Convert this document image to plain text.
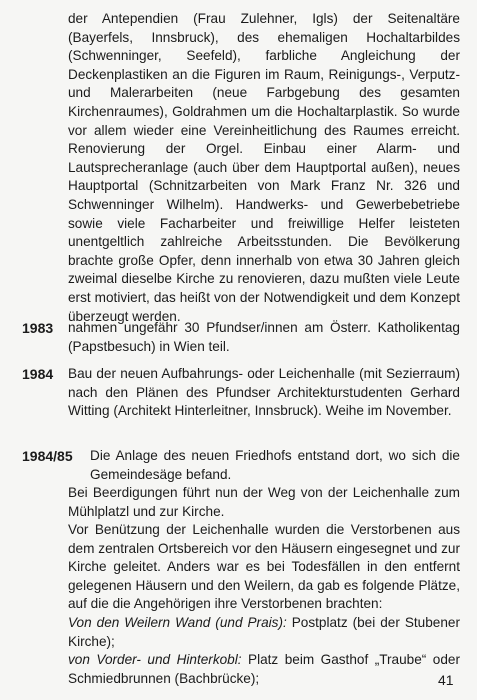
der Antependien (Frau Zulehner, Igls) der Seitenaltäre (Bayerfels, Innsbruck), des ehemaligen Hochaltarbildes (Schwenninger, Seefeld), farbliche Angleichung der Deckenplastiken an die Figuren im Raum, Reinigungs-, Verputz- und Malerarbeiten (neue Farbgebung des gesamten Kirchenraumes), Goldrahmen um die Hochaltarplastik. So wurde vor allem wieder eine Vereinheitlichung des Raumes erreicht. Renovierung der Orgel. Einbau einer Alarm- und Lautsprecheranlage (auch über dem Hauptportal außen), neues Hauptportal (Schnitzarbeiten von Mark Franz Nr. 326 und Schwenninger Wilhelm). Handwerks- und Gewerbebetriebe sowie viele Facharbeiter und freiwillige Helfer leisteten unentgeltlich zahlreiche Arbeitsstunden. Die Bevölkerung brachte große Opfer, denn innerhalb von etwa 30 Jahren gleich zweimal dieselbe Kirche zu renovieren, dazu mußten viele Leute erst motiviert, das heißt von der Notwendigkeit und dem Konzept überzeugt werden.

1983 nahmen ungefähr 30 Pfundser/innen am Österr. Katholikentag (Papstbesuch) in Wien teil.

1984 Bau der neuen Aufbahrungs- oder Leichenhalle (mit Sezierraum) nach den Plänen des Pfundser Architekturstudenten Gerhard Witting (Architekt Hinterleitner, Innsbruck). Weihe im November.

1984/85 Die Anlage des neuen Friedhofs entstand dort, wo sich die Gemeindesäge befand.

Bei Beerdigungen führt nun der Weg von der Leichenhalle zum Mühlplatzl und zur Kirche.

Vor Benützung der Leichenhalle wurden die Verstorbenen aus dem zentralen Ortsbereich vor den Häusern eingesegnet und zur Kirche geleitet. Anders war es bei Todesfällen in den entfernt gelegenen Häusern und den Weilern, da gab es folgende Plätze, auf die die Angehörigen ihre Verstorbenen brachten:

Von den Weilern Wand (und Prais): Postplatz (bei der Stubener Kirche);

von Vorder- und Hinterkobl: Platz beim Gasthof „Traube“ oder Schmiedbrunnen (Bachbrücke);	41
